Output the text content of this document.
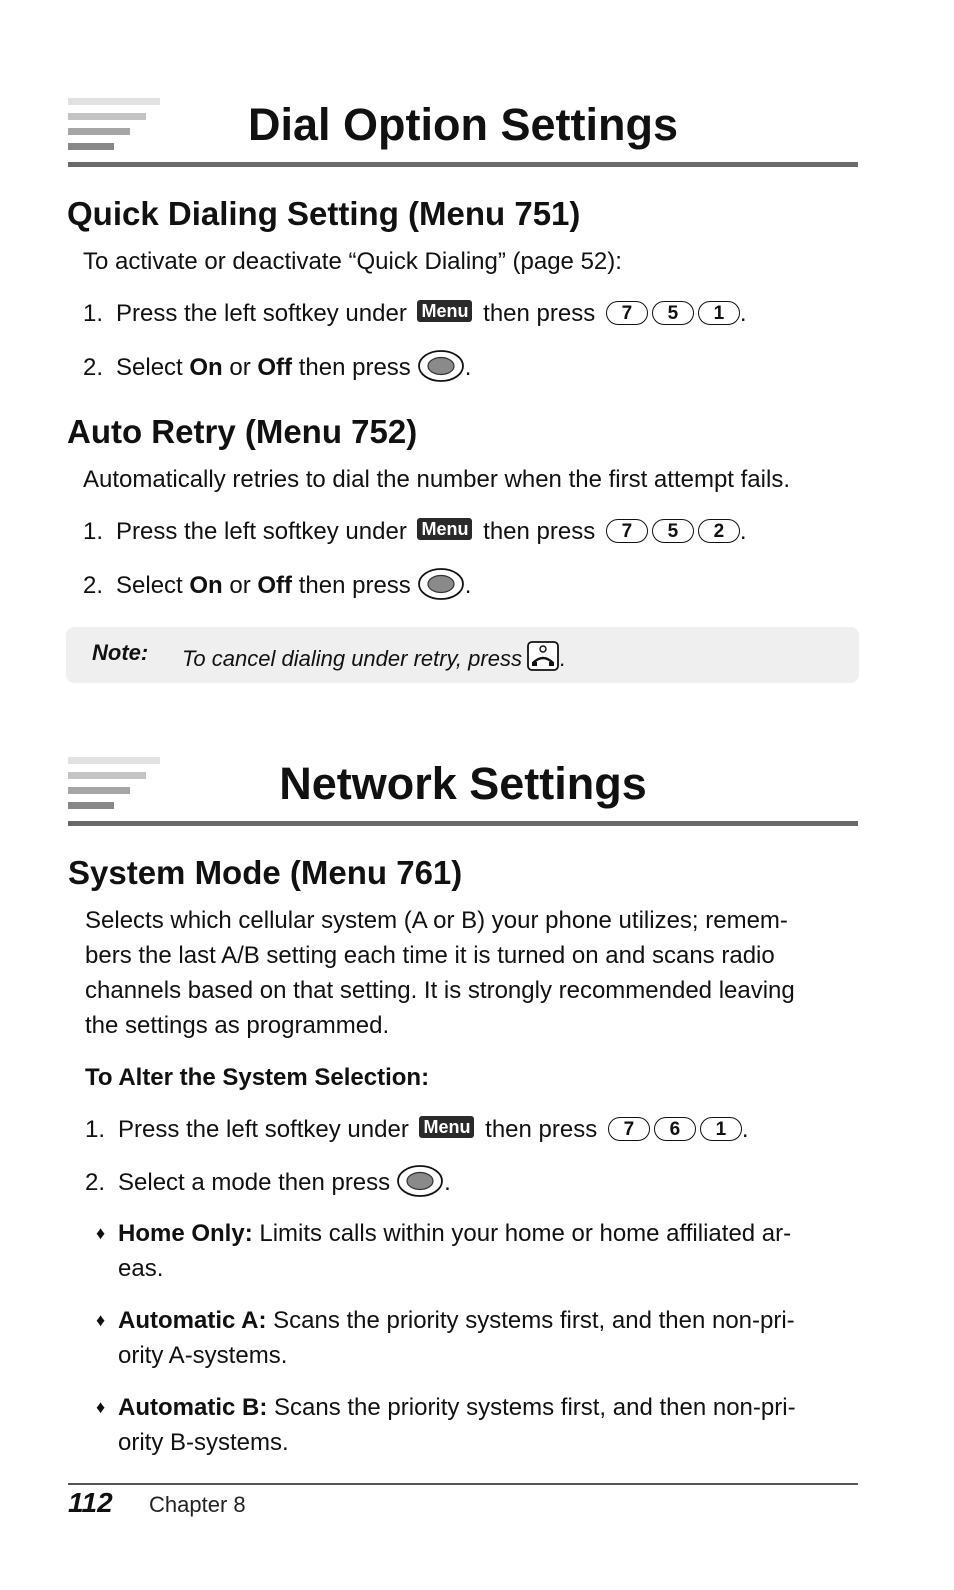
Dial Option Settings
Quick Dialing Setting (Menu 751)

To activate or deactivate “Quick Dialing” (page 52):

1. Press the left softkey under Menu then press 7 5 1 .
2. Select On or Off then press .
Auto Retry (Menu 752)

Automatically retries to dial the number when the first attempt fails.

1. Press the left softkey under Menu then press 7 5 2 .
2. Select On or Off then press .
Note: To cancel dialing under retry, press .
Network Settings
System Mode (Menu 761)
Selects which cellular system (A or B) your phone utilizes; remem-
bers the last A/B setting each time it is turned on and scans radio
channels based on that setting. It is strongly recommended leaving
the settings as programmed.
To Alter the System Selection:
1. Press the left softkey under Menu then press 7 6 1 .
2. Select a mode then press .
♦ Home Only: Limits calls within your home or home affiliated ar-
eas.
♦ Automatic A: Scans the priority systems first, and then non-pri-
ority A-systems.
♦ Automatic B: Scans the priority systems first, and then non-pri-
ority B-systems.
112 Chapter 8
